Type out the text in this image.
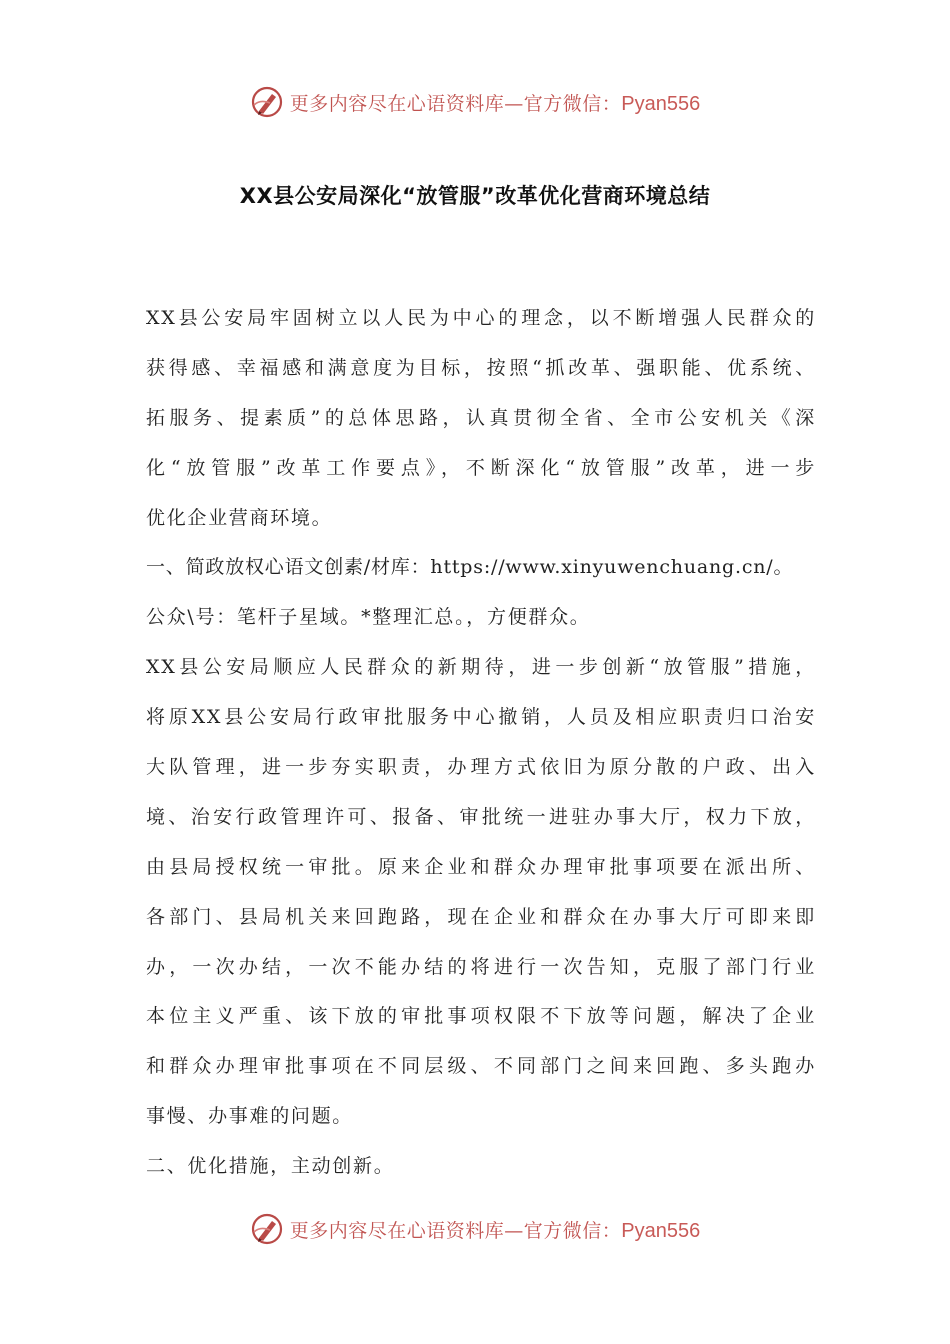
更多内容尽在心语资料库—官方微信：Pyan556
XX县公安局深化“放管服”改革优化营商环境总结
XX县公安局牢固树立以人民为中心的理念，以不断增强人民群众的
获得感、幸福感和满意度为目标，按照“抓改革、强职能、优系统、
拓服务、提素质”的总体思路，认真贯彻全省、全市公安机关《深
化“放管服”改革工作要点》，不断深化“放管服”改革，进一步
优化企业营商环境。
一、简政放权心语文创素/材库：https://www.xinyuwenchuang.cn/。
公众\号：笔杆子星域。*整理汇总。，方便群众。
XX县公安局顺应人民群众的新期待，进一步创新“放管服”措施，
将原XX县公安局行政审批服务中心撤销，人员及相应职责归口治安
大队管理，进一步夯实职责，办理方式依旧为原分散的户政、出入
境、治安行政管理许可、报备、审批统一进驻办事大厅，权力下放，
由县局授权统一审批。原来企业和群众办理审批事项要在派出所、
各部门、县局机关来回跑路，现在企业和群众在办事大厅可即来即
办，一次办结，一次不能办结的将进行一次告知，克服了部门行业
本位主义严重、该下放的审批事项权限不下放等问题，解决了企业
和群众办理审批事项在不同层级、不同部门之间来回跑、多头跑办
事慢、办事难的问题。
二、优化措施，主动创新。
更多内容尽在心语资料库—官方微信：Pyan556
